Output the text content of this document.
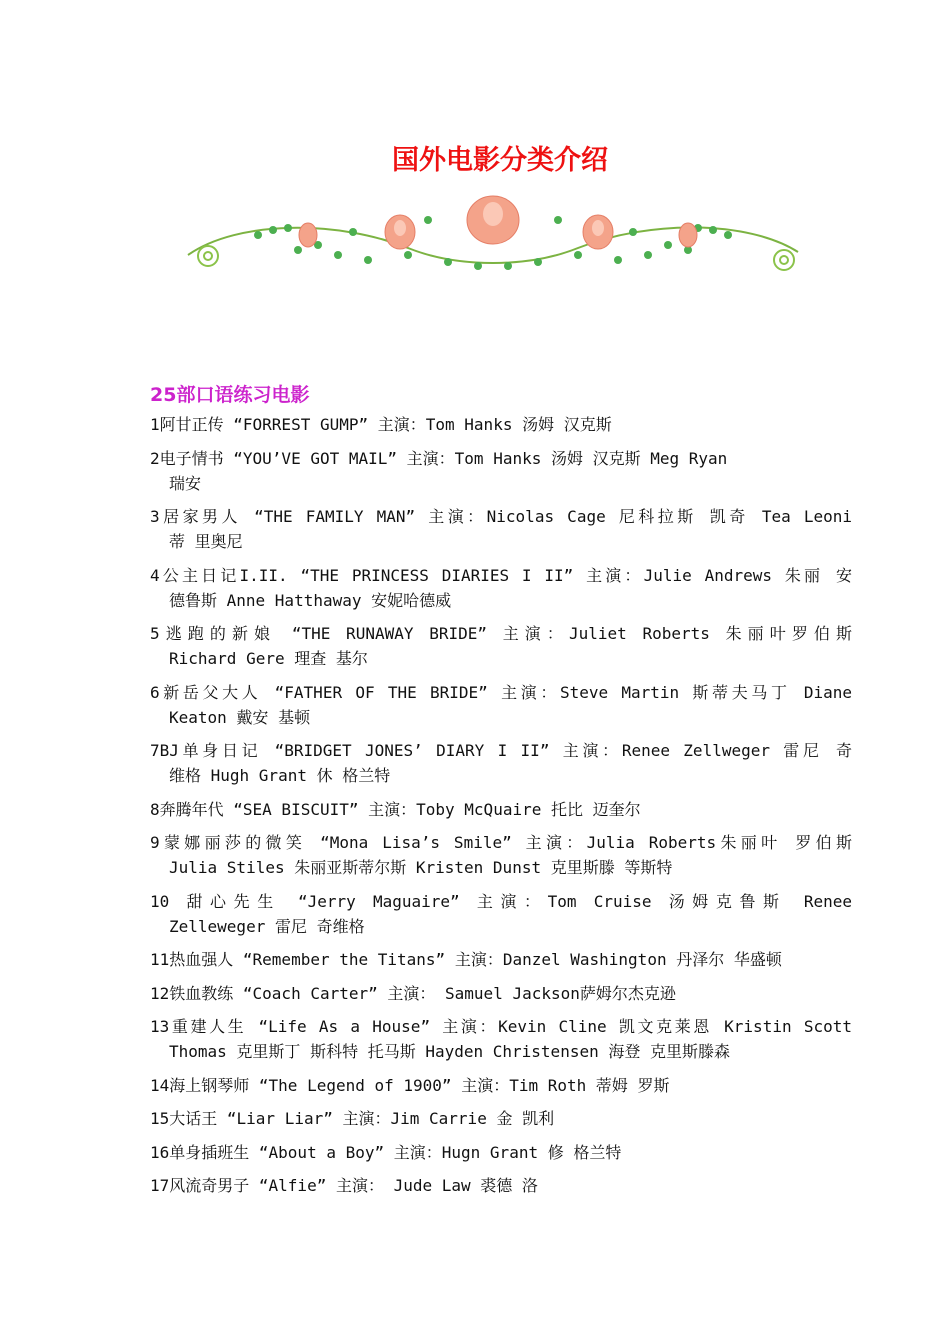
国外电影分类介绍
25部口语练习电影
1阿甘正传 “FORREST GUMP” 主演：Tom Hanks 汤姆 汉克斯
2电子情书 “YOU’VE GOT MAIL” 主演：Tom Hanks 汤姆 汉克斯 Meg Ryan
瑞安
3居家男人 “THE FAMILY MAN” 主演：Nicolas Cage 尼科拉斯 凯奇 Tea Leoni
蒂 里奥尼
4公主日记I.II. “THE PRINCESS DIARIES I II” 主演：Julie Andrews 朱丽 安
德鲁斯 Anne Hatthaway 安妮哈德威
5逃跑的新娘 “THE RUNAWAY BRIDE” 主演：Juliet Roberts 朱丽叶罗伯斯
Richard Gere 理查 基尔
6新岳父大人 “FATHER OF THE BRIDE” 主演：Steve Martin 斯蒂夫马丁 Diane
Keaton 戴安 基顿
7BJ单身日记 “BRIDGET JONES’ DIARY I II” 主演：Renee Zellweger 雷尼 奇
维格 Hugh Grant 休 格兰特
8奔腾年代 “SEA BISCUIT” 主演：Toby McQuaire 托比 迈奎尔
9蒙娜丽莎的微笑 “Mona Lisa’s Smile” 主演：Julia Roberts朱丽叶 罗伯斯
Julia Stiles 朱丽亚斯蒂尔斯 Kristen Dunst 克里斯滕 等斯特
10 甜心先生 “Jerry Maguaire” 主演：Tom Cruise 汤姆克鲁斯 Renee
Zelleweger 雷尼 奇维格
11热血强人 “Remember the Titans” 主演：Danzel Washington 丹泽尔 华盛顿
12铁血教练 “Coach Carter” 主演： Samuel Jackson萨姆尔杰克逊
13重建人生 “Life As a House” 主演：Kevin Cline 凯文克莱恩 Kristin Scott
Thomas 克里斯丁 斯科特 托马斯 Hayden Christensen 海登 克里斯滕森
14海上钢琴师 “The Legend of 1900” 主演：Tim Roth 蒂姆 罗斯
15大话王 “Liar Liar” 主演：Jim Carrie 金 凯利
16单身插班生 “About a Boy” 主演：Hugn Grant 修 格兰特
17风流奇男子 “Alfie” 主演： Jude Law 裘德 洛
